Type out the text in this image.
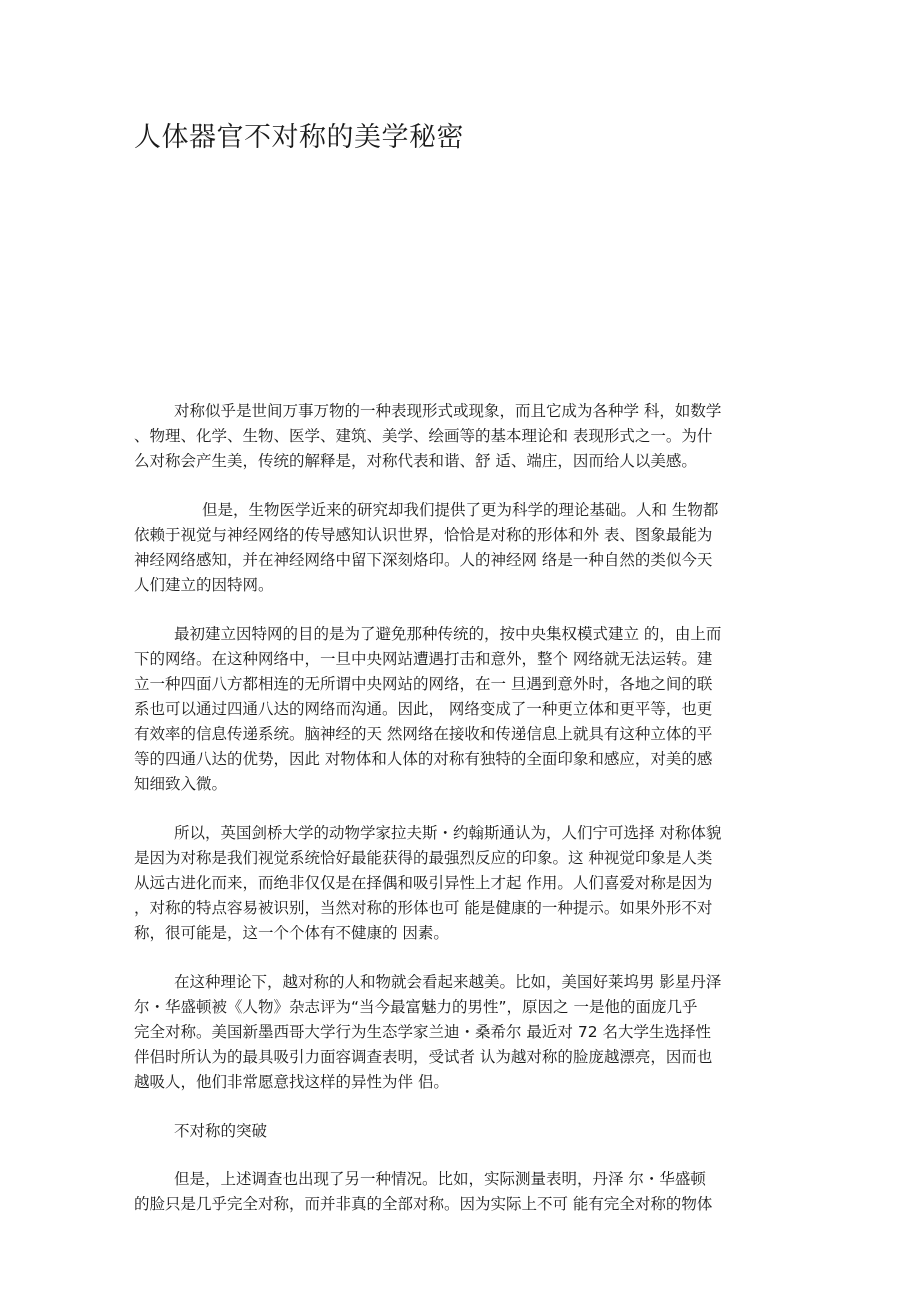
人体器官不对称的美学秘密

对称似乎是世间万事万物的一种表现形式或现象，而且它成为各种学 科，如数学
、物理、化学、生物、医学、建筑、美学、绘画等的基本理论和 表现形式之一。为什
么对称会产生美，传统的解释是，对称代表和谐、舒 适、端庄，因而给人以美感。

但是，生物医学近来的研究却我们提供了更为科学的理论基础。人和 生物都
依赖于视觉与神经网络的传导感知认识世界，恰恰是对称的形体和外 表、图象最能为
神经网络感知，并在神经网络中留下深刻烙印。人的神经网 络是一种自然的类似今天
人们建立的因特网。

最初建立因特网的目的是为了避免那种传统的，按中央集权模式建立 的，由上而
下的网络。在这种网络中，一旦中央网站遭遇打击和意外，整个 网络就无法运转。建
立一种四面八方都相连的无所谓中央网站的网络，在一 旦遇到意外时，各地之间的联
系也可以通过四通八达的网络而沟通。因此， 网络变成了一种更立体和更平等，也更
有效率的信息传递系统。脑神经的天 然网络在接收和传递信息上就具有这种立体的平
等的四通八达的优势，因此 对物体和人体的对称有独特的全面印象和感应，对美的感
知细致入微。

所以，英国剑桥大学的动物学家拉夫斯・约翰斯通认为，人们宁可选择 对称体貌
是因为对称是我们视觉系统恰好最能获得的最强烈反应的印象。这 种视觉印象是人类
从远古进化而来，而绝非仅仅是在择偶和吸引异性上才起 作用。人们喜爱对称是因为
，对称的特点容易被识别，当然对称的形体也可 能是健康的一种提示。如果外形不对
称，很可能是，这一个个体有不健康的 因素。

在这种理论下，越对称的人和物就会看起来越美。比如，美国好莱坞男 影星丹泽
尔・华盛顿被《人物》杂志评为“当今最富魅力的男性”，原因之 一是他的面庞几乎
完全对称。美国新墨西哥大学行为生态学家兰迪・桑希尔 最近对 72 名大学生选择性
伴侣时所认为的最具吸引力面容调查表明，受试者 认为越对称的脸庞越漂亮，因而也
越吸人，他们非常愿意找这样的异性为伴 侣。

不对称的突破

但是，上述调查也出现了另一种情况。比如，实际测量表明，丹泽 尔・华盛顿
的脸只是几乎完全对称，而并非真的全部对称。因为实际上不可 能有完全对称的物体
